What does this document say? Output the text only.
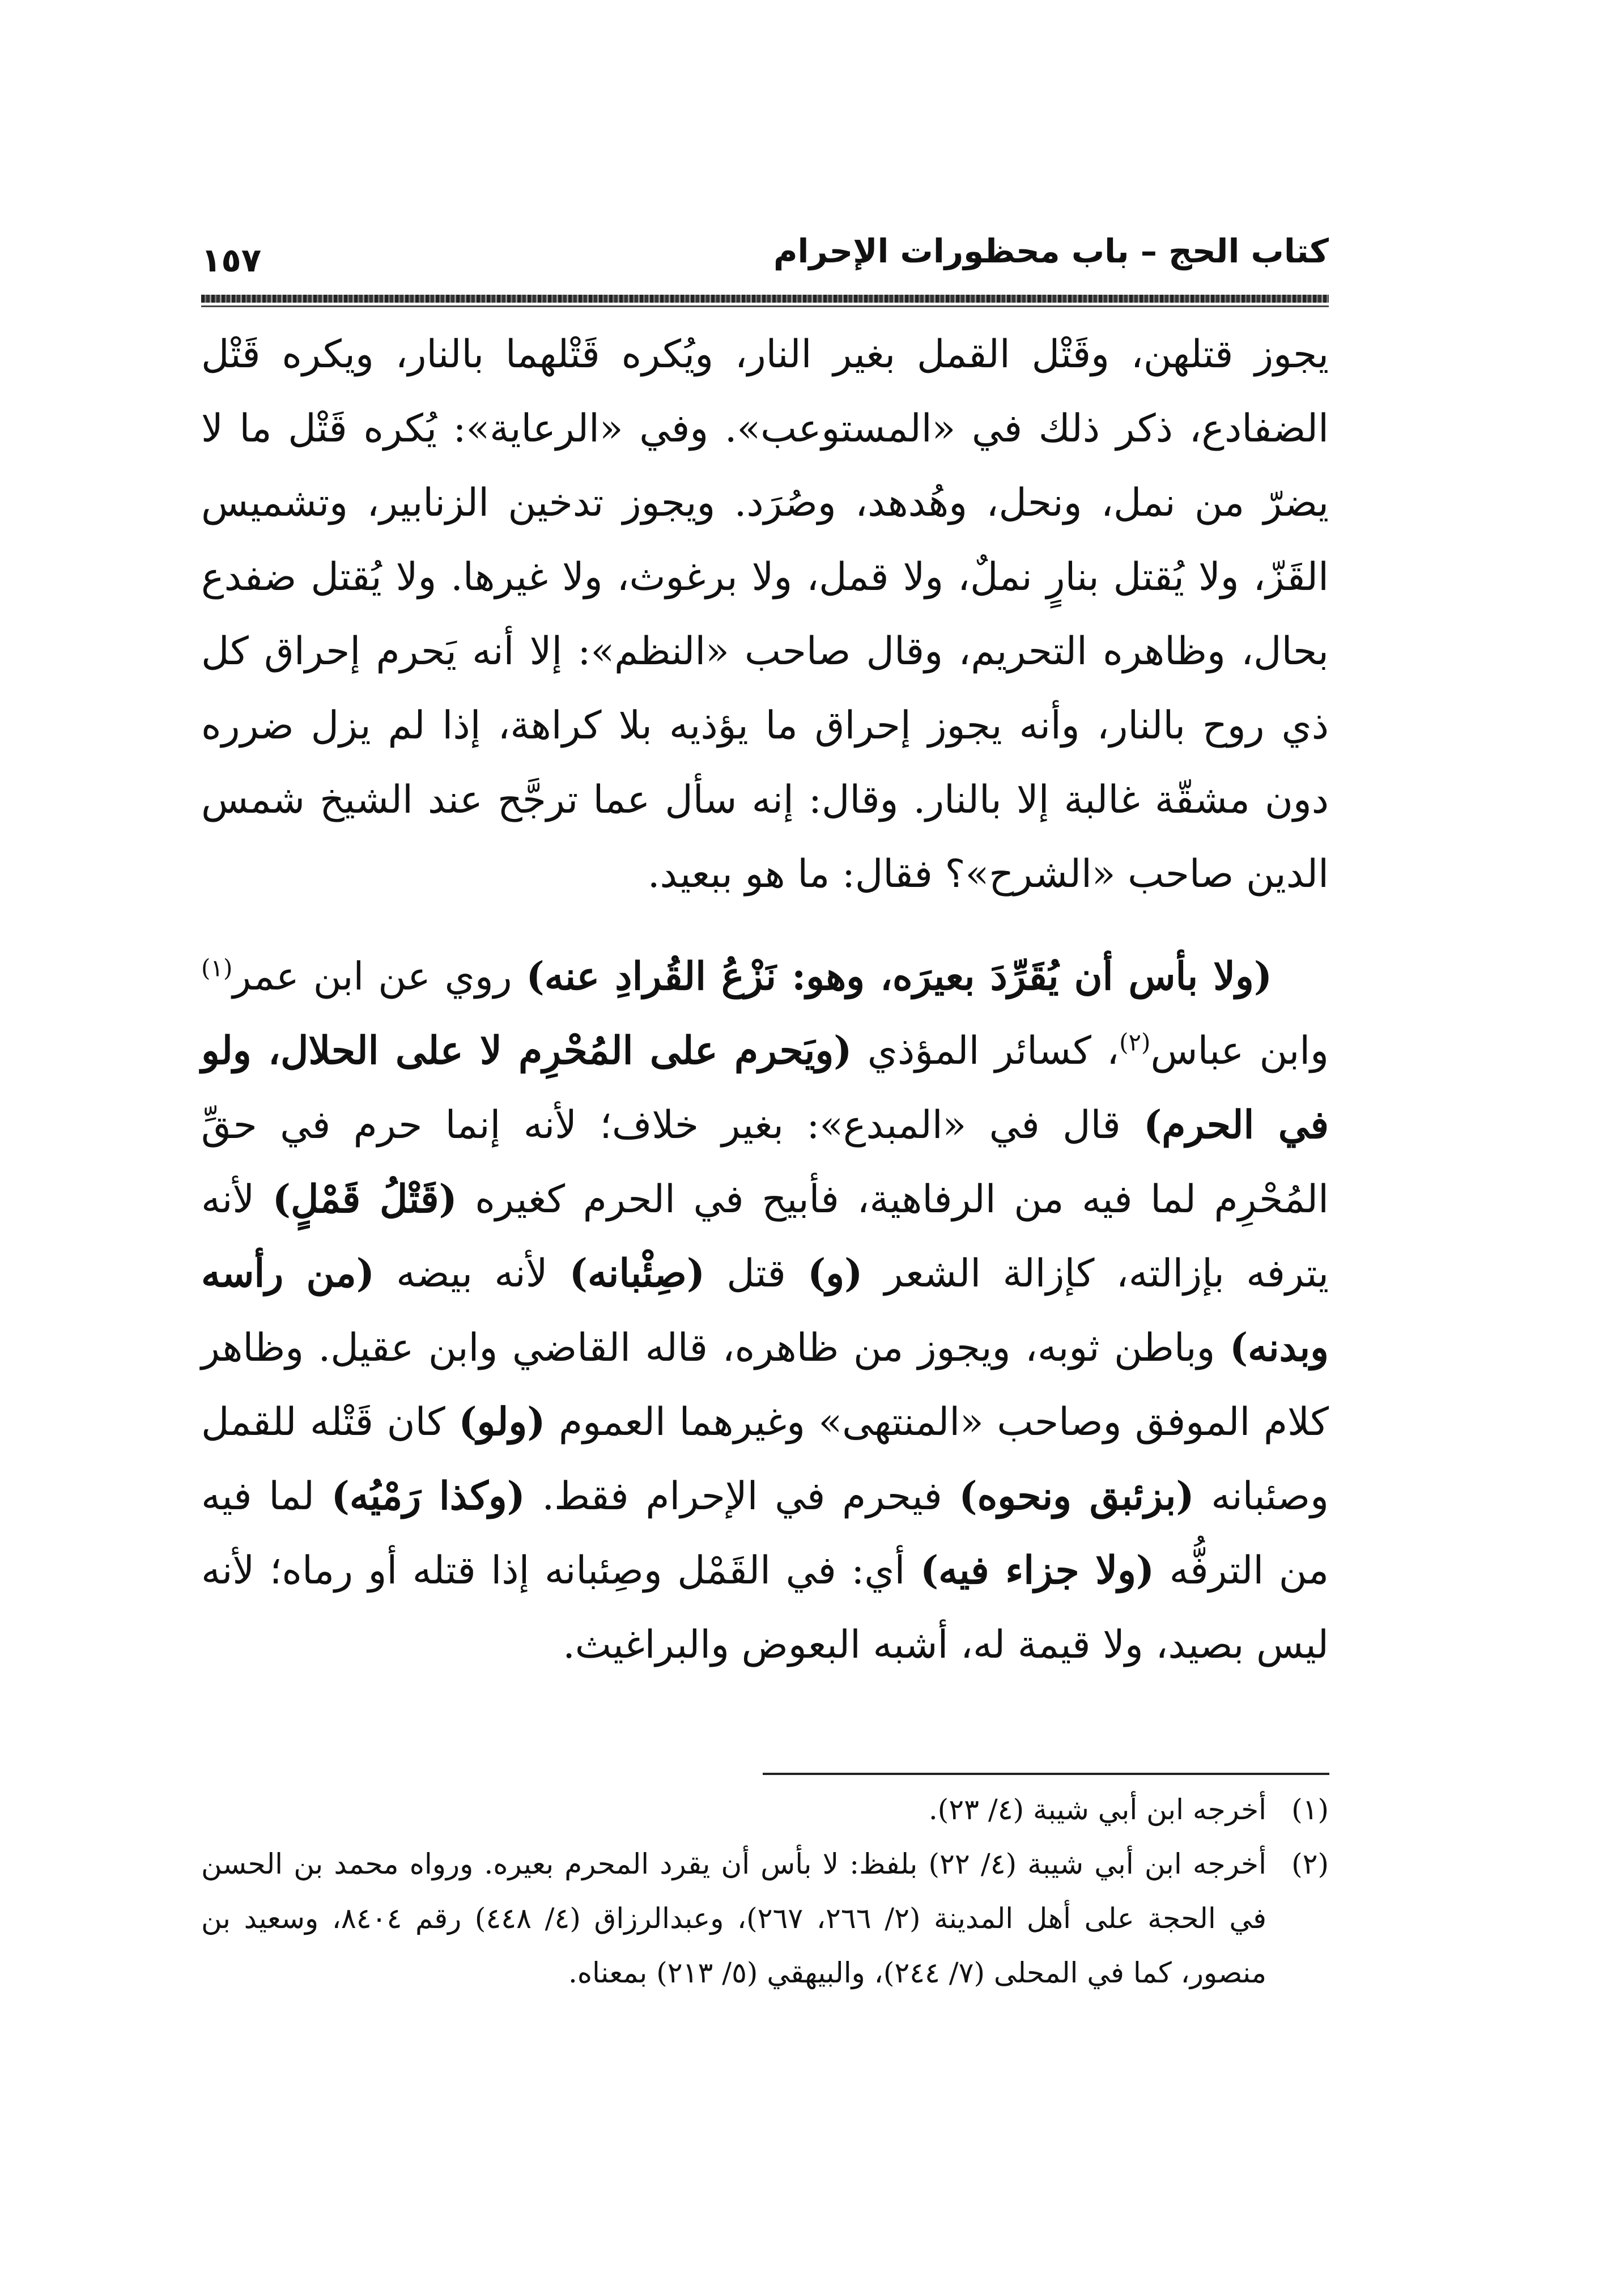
كتاب الحج – باب محظورات الإحرام
١٥٧

يجوز قتلهن، وقَتْل القمل بغير النار، ويُكره قَتْلهما بالنار، ويكره قَتْل الضفادع، ذكر ذلك في «المستوعب». وفي «الرعاية»: يُكره قَتْل ما لا يضرّ من نمل، ونحل، وهُدهد، وصُرَد. ويجوز تدخين الزنابير، وتشميس القَزّ، ولا يُقتل بنارٍ نملٌ، ولا قمل، ولا برغوث، ولا غيرها. ولا يُقتل ضفدع بحال، وظاهره التحريم، وقال صاحب «النظم»: إلا أنه يَحرم إحراق كل ذي روح بالنار، وأنه يجوز إحراق ما يؤذيه بلا كراهة، إذا لم يزل ضرره دون مشقّة غالبة إلا بالنار. وقال: إنه سأل عما ترجَّح عند الشيخ شمس الدين صاحب «الشرح»؟ فقال: ما هو ببعيد.

(ولا بأس أن يُقَرِّدَ بعيرَه، وهو: نَزْعُ القُرادِ عنه) روي عن ابن عمر$^{(١)}$ وابن عباس$^{(٢)}$، كسائر المؤذي (ويَحرم على المُحْرِم لا على الحلال، ولو في الحرم) قال في «المبدع»: بغير خلاف؛ لأنه إنما حرم في حقِّ المُحْرِم لما فيه من الرفاهية، فأبيح في الحرم كغيره (قَتْلُ قَمْلٍ) لأنه يترفه بإزالته، كإزالة الشعر (و) قتل (صِئْبانه) لأنه بيضه (من رأسه وبدنه) وباطن ثوبه، ويجوز من ظاهره، قاله القاضي وابن عقيل. وظاهر كلام الموفق وصاحب «المنتهى» وغيرهما العموم (ولو) كان قَتْله للقمل وصئبانه (بزئبق ونحوه) فيحرم في الإحرام فقط. (وكذا رَمْيُه) لما فيه من الترفُّه (ولا جزاء فيه) أي: في القَمْل وصِئبانه إذا قتله أو رماه؛ لأنه ليس بصيد، ولا قيمة له، أشبه البعوض والبراغيث.

(١)
أخرجه ابن أبي شيبة (٤/ ٢٣).

(٢)
أخرجه ابن أبي شيبة (٤/ ٢٢) بلفظ: لا بأس أن يقرد المحرم بعيره. ورواه محمد بن الحسن في الحجة على أهل المدينة (٢/ ٢٦٦، ٢٦٧)، وعبدالرزاق (٤/ ٤٤٨) رقم ٨٤٠٤، وسعيد بن منصور، كما في المحلى (٧/ ٢٤٤)، والبيهقي (٥/ ٢١٣) بمعناه.
